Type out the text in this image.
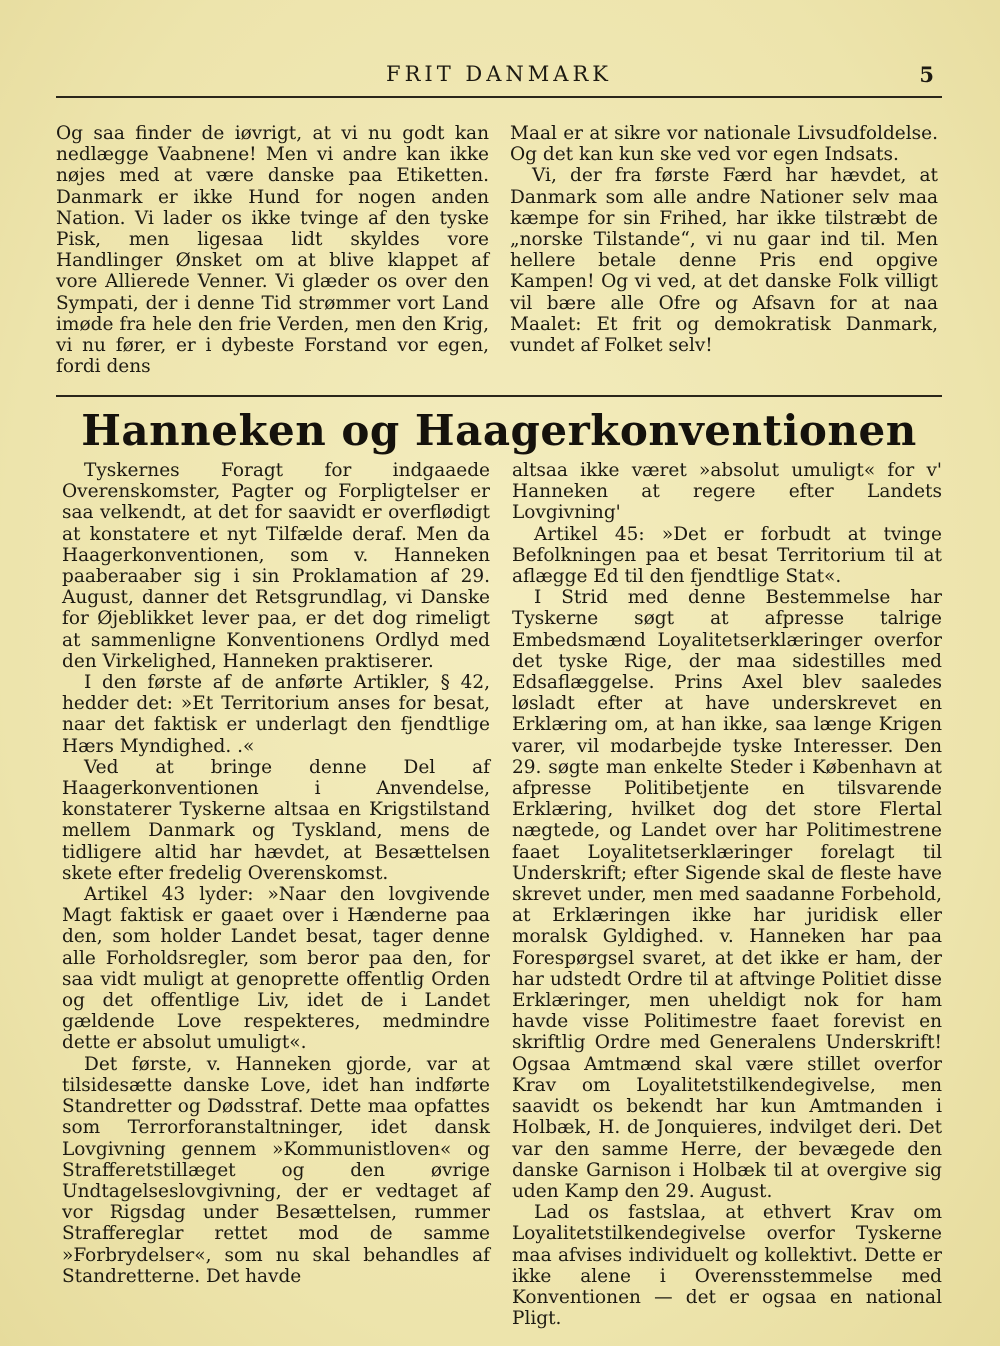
FRIT DANMARK	5

Og saa finder de iøvrigt, at vi nu godt kan nedlægge Vaabnene! Men vi andre kan ikke nøjes med at være danske paa Etiketten. Danmark er ikke Hund for nogen anden Nation. Vi lader os ikke tvinge af den tyske Pisk, men ligesaa lidt skyldes vore Handlinger Ønsket om at blive klappet af vore Allierede Venner. Vi glæder os over den Sympati, der i denne Tid strømmer vort Land imøde fra hele den frie Verden, men den Krig, vi nu fører, er i dybeste Forstand vor egen, fordi dens

Maal er at sikre vor nationale Livsudfoldelse. Og det kan kun ske ved vor egen Indsats.

Vi, der fra første Færd har hævdet, at Danmark som alle andre Nationer selv maa kæmpe for sin Frihed, har ikke tilstræbt de „norske Tilstande“, vi nu gaar ind til. Men hellere betale denne Pris end opgive Kampen! Og vi ved, at det danske Folk villigt vil bære alle Ofre og Afsavn for at naa Maalet: Et frit og demokratisk Danmark, vundet af Folket selv!

Hanneken og Haagerkonventionen

Tyskernes Foragt for indgaaede Overenskomster, Pagter og Forpligtelser er saa velkendt, at det for saavidt er overflødigt at konstatere et nyt Tilfælde deraf. Men da Haagerkonventionen, som v. Hanneken paaberaaber sig i sin Proklamation af 29. August, danner det Retsgrundlag, vi Danske for Øjeblikket lever paa, er det dog rimeligt at sammenligne Konventionens Ordlyd med den Virkelighed, Hanneken praktiserer.

I den første af de anførte Artikler, § 42, hedder det: »Et Territorium anses for besat, naar det faktisk er underlagt den fjendtlige Hærs Myndighed. .«

Ved at bringe denne Del af Haagerkonventionen i Anvendelse, konstaterer Tyskerne altsaa en Krigstilstand mellem Danmark og Tyskland, mens de tidligere altid har hævdet, at Besættelsen skete efter fredelig Overenskomst.

Artikel 43 lyder: »Naar den lovgivende Magt faktisk er gaaet over i Hænderne paa den, som holder Landet besat, tager denne alle Forholdsregler, som beror paa den, for saa vidt muligt at genoprette offentlig Orden og det offentlige Liv, idet de i Landet gældende Love respekteres, medmindre dette er absolut umuligt«.

Det første, v. Hanneken gjorde, var at tilsidesætte danske Love, idet han indførte Standretter og Dødsstraf. Dette maa opfattes som Terrorforanstaltninger, idet dansk Lovgivning gennem »Kommunistloven« og Strafferetstillæget og den øvrige Undtagelseslovgivning, der er vedtaget af vor Rigsdag under Besættelsen, rummer Straffereglar rettet mod de samme »Forbrydelser«, som nu skal behandles af Standretterne. Det havde

altsaa ikke været »absolut umuligt« for v' Hanneken at regere efter Landets Lovgivning'

Artikel 45: »Det er forbudt at tvinge Befolkningen paa et besat Territorium til at aflægge Ed til den fjendtlige Stat«.

I Strid med denne Bestemmelse har Tyskerne søgt at afpresse talrige Embedsmænd Loyalitetserklæringer overfor det tyske Rige, der maa sidestilles med Edsaflæggelse. Prins Axel blev saaledes løsladt efter at have underskrevet en Erklæring om, at han ikke, saa længe Krigen varer, vil modarbejde tyske Interesser. Den 29. søgte man enkelte Steder i København at afpresse Politibetjente en tilsvarende Erklæring, hvilket dog det store Flertal nægtede, og Landet over har Politimestrene faaet Loyalitetserklæringer forelagt til Underskrift; efter Sigende skal de fleste have skrevet under, men med saadanne Forbehold, at Erklæringen ikke har juridisk eller moralsk Gyldighed. v. Hanneken har paa Forespørgsel svaret, at det ikke er ham, der har udstedt Ordre til at aftvinge Politiet disse Erklæringer, men uheldigt nok for ham havde visse Politimestre faaet forevist en skriftlig Ordre med Generalens Underskrift! Ogsaa Amtmænd skal være stillet overfor Krav om Loyalitetstilkendegivelse, men saavidt os bekendt har kun Amtmanden i Holbæk, H. de Jonquieres, indvilget deri. Det var den samme Herre, der bevægede den danske Garnison i Holbæk til at overgive sig uden Kamp den 29. August.

Lad os fastslaa, at ethvert Krav om Loyalitetstilkendegivelse overfor Tyskerne maa afvises individuelt og kollektivt. Dette er ikke alene i Overensstemmelse med Konventionen — det er ogsaa en national Pligt.
